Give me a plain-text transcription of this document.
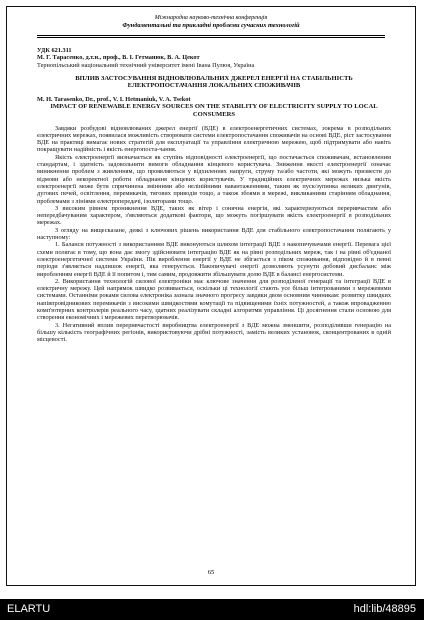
Міжнародна науково-технічна конференція
Фундаментальні та прикладні проблеми сучасних технологій
УДК 621.311
М. Г. Тарасенко, д.т.н., проф., В. І. Гетманюк, В. А. Цекот
Тернопільський національний технічний університет імені Івана Пулюя, Україна
ВПЛИВ ЗАСТОСУВАННЯ ВІДНОВЛЮВАЛЬНИХ ДЖЕРЕЛ ЕНЕРГІЇ НА СТАБІЛЬНІСТЬ ЕЛЕКТРОПОСТАЧАННЯ ЛОКАЛЬНИХ СПОЖИВАЧІВ
M. H. Tarasenko, Dr., prof., V. I. Hetmaniuk, V. A. Tsekot
IMPACT OF RENEWABLE ENERGY SOURCES ON THE STABILITY OF ELECTRICITY SUPPLY TO LOCAL CONSUMERS

Завдяки розбудові відновлюваних джерел енергії (ВДЕ) в електроенергетичних системах, зокрема в розподільних електричних мережах, появилася можливість створювати системи електропостачання споживачів на основі ВДЕ, ріст застосування ВДЕ на практиці вимагає нових стратегій для експлуатації та управління електричною мережею, щоб підтримувати або навіть покращувати надійність і якість енергопоста-чання.

Якість електроенергії визначається як ступінь відповідності електроенергії, що постачається споживачам, встановленим стандартам, і здатність задовольняти вимоги обладнання кінцевого користувача. Зниження якості електроенергії означає виникнення проблем з живленням, що проявляються у відхиленнях напруги, струму та/або частоти, які можуть призвести до відмови або некоректної роботи обладнання кінцевих користувачів. У традиційних електричних мережах низька якість електроенергії може бути спричинена змінними або нелінійними навантаженнями, таким як пуск/зупинка великих двигунів, дугових печей, освітлення, перемикачів, тягових приводів тощо, а також збоями в мережі, викликаними старінням обладнання, проблемами з лініями електропередачі, ізоляторами тощо.

З високим рівнем проникнення ВДЕ, таких як вітер і сонячна енергія, які характеризуються переривчастим або непередбачуваним характером, з'являються додаткові фактори, що можуть погіршувати якість електроенергії в розподільних мережах.

З огляду на вищесказане, деякі з ключових рішень використання ВДЕ для стабільного електропостачання полягають у наступному:

1. Баланси потужності з використанням ВДЕ виконуються шляхом інтеграції ВДЕ з накопичувачами енергії. Перевага цієї схеми полягає в тому, що вона дає змогу здійснювати інтеграцію ВДЕ як на рівні розподільних мереж, так і на рівні об'єднаної електроенергетичної системи України. Пік вироблення енергії у ВДЕ не збігається з піком споживання, відповідно й в певні періоди з'являється надлишок енергії, яка генерується. Накопичувачі енергії дозволяють усунути добовий дисбаланс між виробленням енергії ВДЕ й її попитом і, тим самим, продовжити збільшувати долю ВДЕ в балансі енергосистеми.

2. Використання технологій силової електроніки має ключове значення для розподіленої генерації та інтеграції ВДЕ в електричну мережу. Цей напрямок швидко розвивається, оскільки ці технології стають усе більш інтегрованими з мережевими системами. Останніми роками силова електроніка зазнала значного прогресу завдяки двом основним чинникам: розвитку швидких напівпровідникових перемикачів з високими швидкостями комутації та підвищеними їхніх потужностей, а також впровадженню комп'ютерних контролерів реального часу, здатних реалізувати складні алгоритми управління. Ці досягнення стали основою для створення економічних і мережевих перетворювачів.

3. Негативний вплив переривчастості виробництва електроенергії з ВДЕ можна зменшити, розподіливши генерацію на більшу кількість географічних регіонів, використовуючи дрібні потужності, замість великих установок, сконцентрованих в одній місцевості.

65
ELARTU	hdl:lib/48895
